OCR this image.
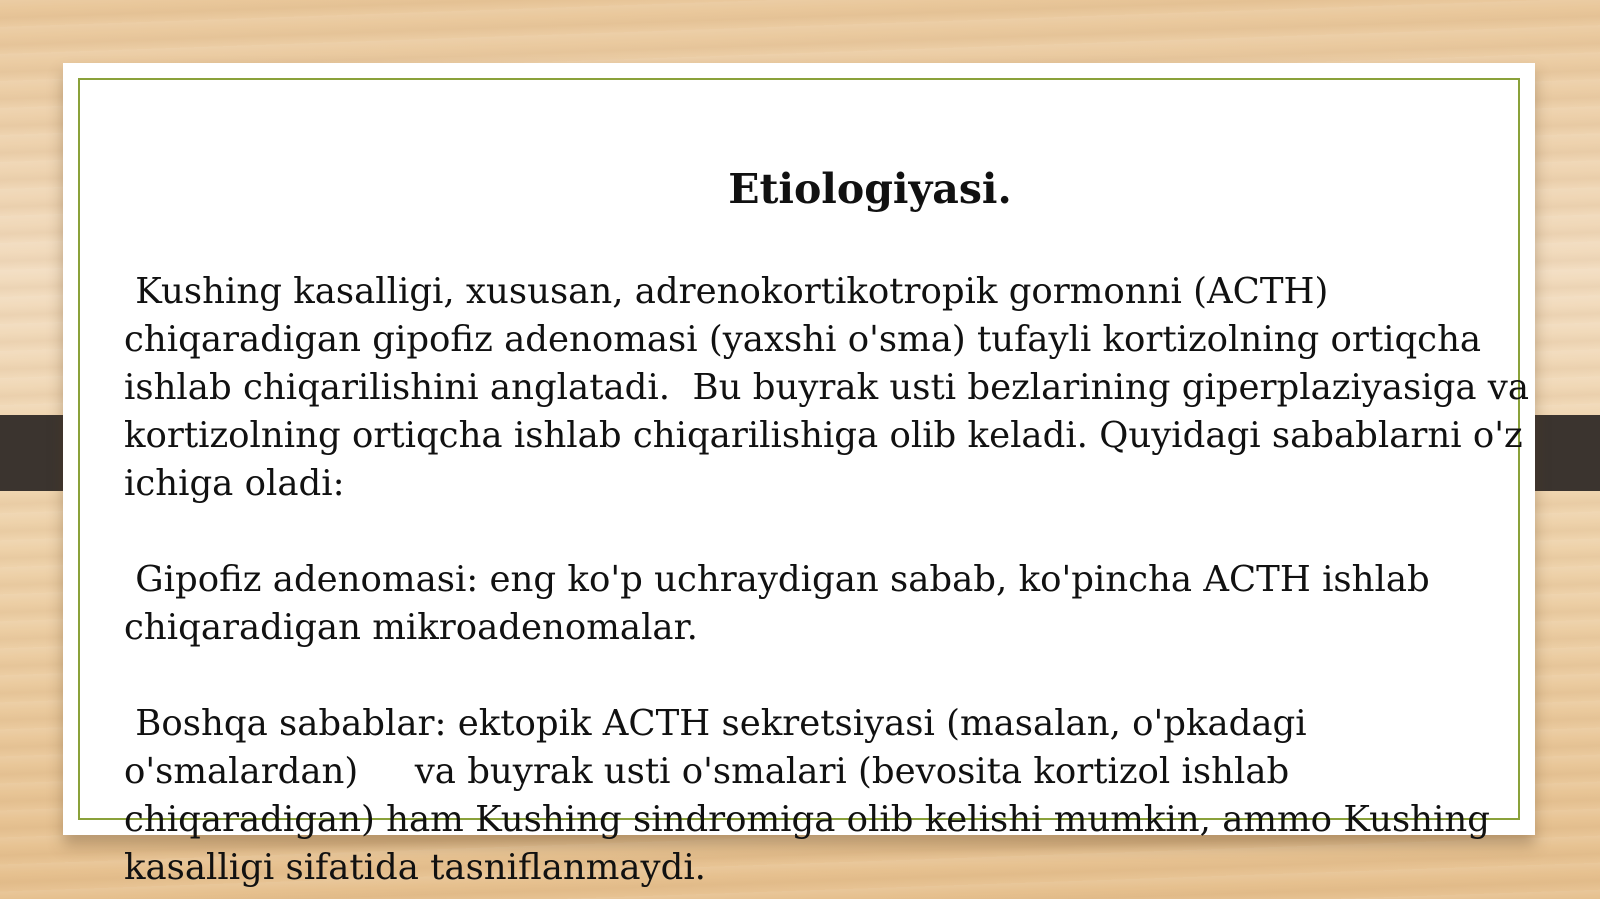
Etiologiyasi.

Kushing kasalligi, xususan, adrenokortikotropik gormonni (ACTH) chiqaradigan gipofiz adenomasi (yaxshi o'sma) tufayli kortizolning ortiqcha ishlab chiqarilishini anglatadi.  Bu buyrak usti bezlarining giperplaziyasiga va kortizolning ortiqcha ishlab chiqarilishiga olib keladi. Quyidagi sabablarni o'z ichiga oladi:

Gipofiz adenomasi: eng ko'p uchraydigan sabab, ko'pincha ACTH ishlab chiqaradigan mikroadenomalar.

Boshqa sabablar: ektopik ACTH sekretsiyasi (masalan, o'pkadagi o'smalardan)     va buyrak usti o'smalari (bevosita kortizol ishlab chiqaradigan) ham Kushing sindromiga olib kelishi mumkin, ammo Kushing kasalligi sifatida tasniflanmaydi.
